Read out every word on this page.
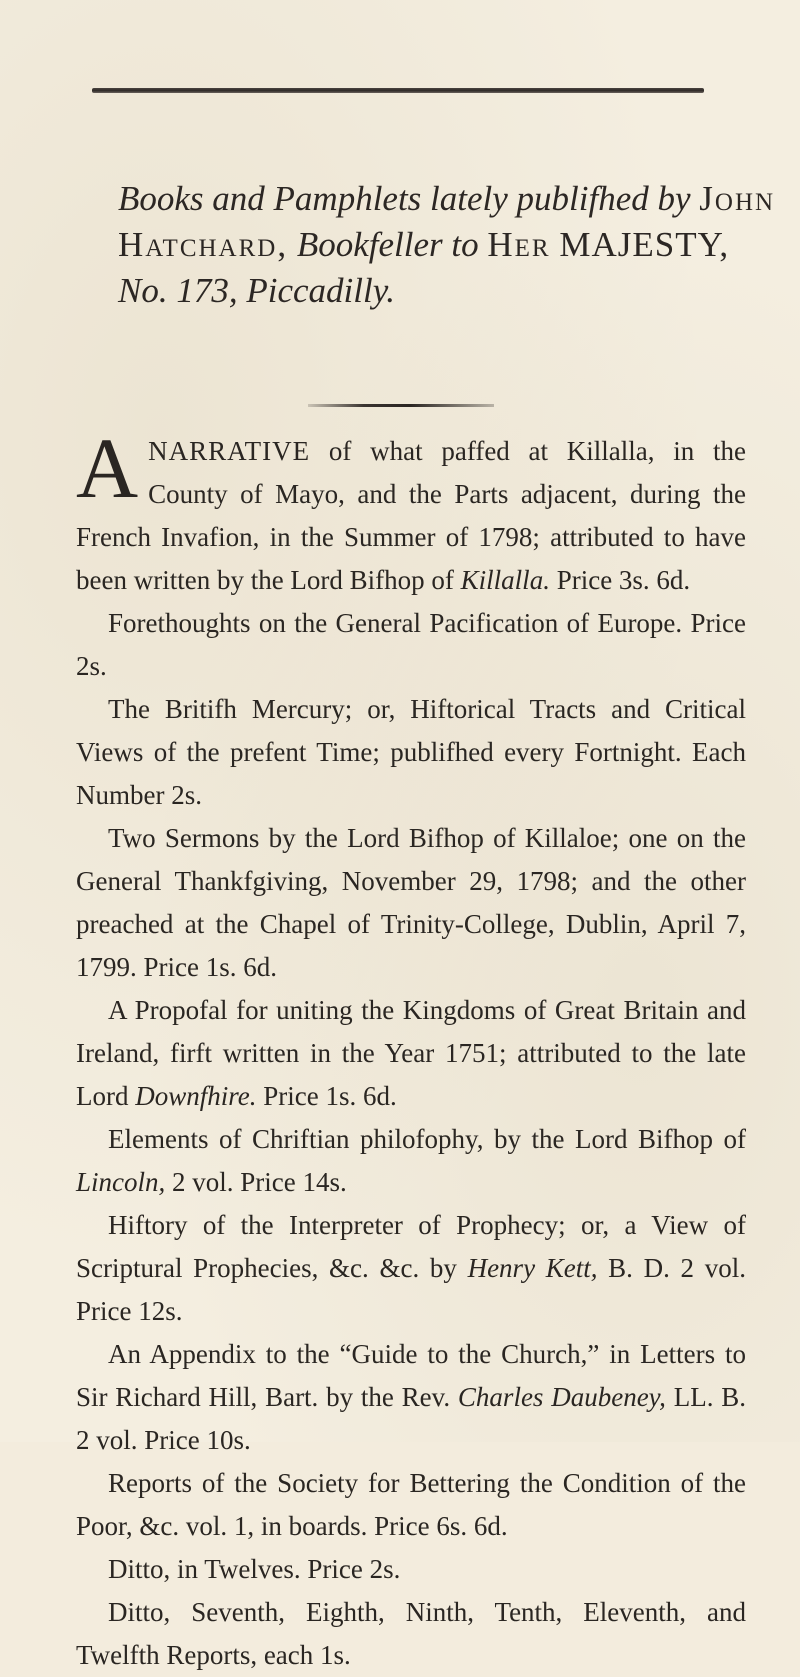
Books and Pamphlets lately publifhed by John
Hatchard, Bookfeller to Her MAJESTY,
No. 173, Piccadilly.

ANARRATIVE of what paffed at Killalla, in the County of Mayo, and the Parts adjacent, during the French Invafion, in the Summer of 1798; attributed to have been written by the Lord Bifhop of Killalla. Price 3s. 6d.

Forethoughts on the General Pacification of Europe. Price 2s.

The Britifh Mercury; or, Hiftorical Tracts and Critical Views of the prefent Time; publifhed every Fortnight. Each Number 2s.

Two Sermons by the Lord Bifhop of Killaloe; one on the General Thankfgiving, November 29, 1798; and the other preached at the Chapel of Trinity-College, Dublin, April 7, 1799. Price 1s. 6d.

A Propofal for uniting the Kingdoms of Great Britain and Ireland, firft written in the Year 1751; attributed to the late Lord Downfhire. Price 1s. 6d.

Elements of Chriftian philofophy, by the Lord Bifhop of Lincoln, 2 vol. Price 14s.

Hiftory of the Interpreter of Prophecy; or, a View of Scriptural Prophecies, &c. &c. by Henry Kett, B. D. 2 vol. Price 12s.

An Appendix to the “Guide to the Church,” in Letters to Sir Richard Hill, Bart. by the Rev. Charles Daubeney, LL. B. 2 vol. Price 10s.

Reports of the Society for Bettering the Condition of the Poor, &c. vol. 1, in boards. Price 6s. 6d.

Ditto, in Twelves. Price 2s.

Ditto, Seventh, Eighth, Ninth, Tenth, Eleventh, and Twelfth Reports, each 1s.
